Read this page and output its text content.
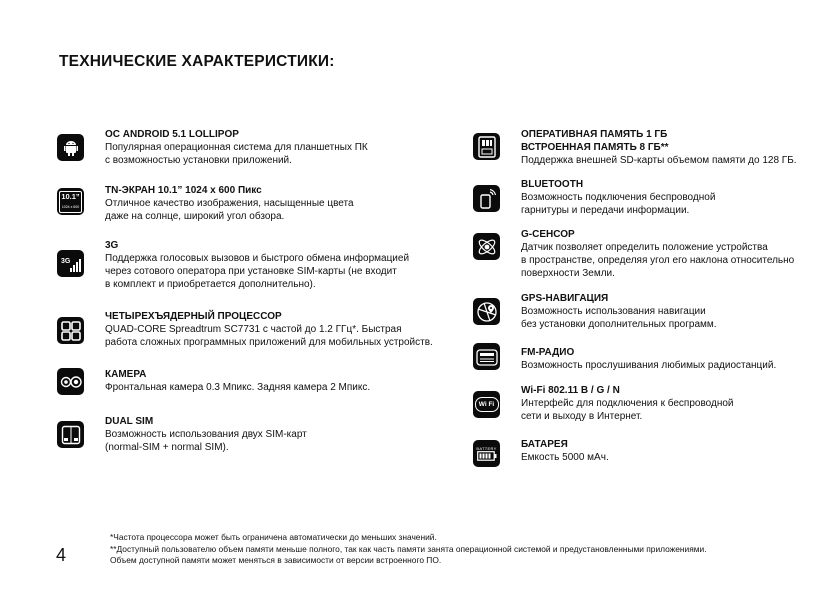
ТЕХНИЧЕСКИЕ ХАРАКТЕРИСТИКИ:
ОС ANDROID 5.1 LOLLIPOP
Популярная операционная система для планшетных ПК
с возможностью установки приложений.
10.1”
1024 x 600
TN-ЭКРАН 10.1” 1024 x 600 Пикс
Отличное качество изображения, насыщенные цвета
даже на солнце, широкий угол обзора.
3G
3G
Поддержка голосовых вызовов и быстрого обмена информацией
через сотового оператора при установке SIM-карты (не входит
в комплект и приобретается дополнительно).
ЧЕТЫРЕХЪЯДЕРНЫЙ ПРОЦЕССОР
QUAD-CORE Spreadtrum SC7731 с частой до 1.2 ГГц*. Быстрая
работа сложных программных приложений для мобильных устройств.
КАМЕРА
Фронтальная камера 0.3 Мпикс. Задняя камера 2 Мпикс.
DUAL SIM
Возможность использования двух SIM-карт
(normal-SIM + normal SIM).
ОПЕРАТИВНАЯ ПАМЯТЬ 1 ГБ
ВСТРОЕННАЯ ПАМЯТЬ 8 ГБ**
Поддержка внешней SD-карты объемом памяти до 128 ГБ.
BLUETOOTH
Возможность подключения беспроводной
гарнитуры и передачи информации.
G-СЕНСОР
Датчик позволяет определить положение устройства
в пространстве, определяя угол его наклона относительно
поверхности Земли.
GPS-НАВИГАЦИЯ
Возможность использования навигации
без установки дополнительных программ.
FM-РАДИО
Возможность прослушивания любимых радиостанций.
Wi Fi
Wi-Fi 802.11 B / G / N
Интерфейс для подключения к беспроводной
сети и выходу в Интернет.
BATTERY БАТАРЕЯ
Емкость 5000 мАч.
4
*Частота процессора может быть ограничена автоматически до меньших значений.
**Доступный пользователю объем памяти меньше полного, так как часть памяти занята операционной системой и предустановленными приложениями.
Объем доступной памяти может меняться в зависимости от версии встроенного ПО.
